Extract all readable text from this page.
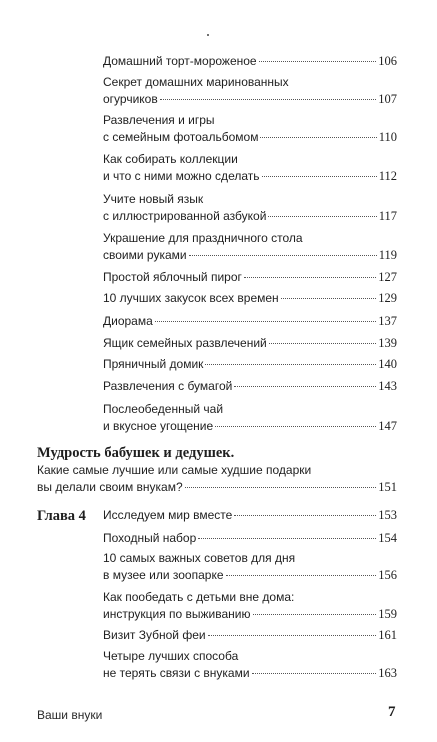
Домашний торт-мороженое	106
Секрет домашних маринованных
огурчиков	107
Развлечения и игры
с семейным фотоальбомом	110
Как собирать коллекции
и что с ними можно сделать	112
Учите новый язык
с иллюстрированной азбукой	117
Украшение для праздничного стола
своими руками	119
Простой яблочный пирог	127
10 лучших закусок всех времен	129
Диорама	137
Ящик семейных развлечений	139
Пряничный домик	140
Развлечения с бумагой	143
Послеобеденный чай
и вкусное угощение	147
Мудрость бабушек и дедушек.
Какие самые лучшие или самые худшие подарки
вы делали своим внукам?	151
Глава 4 Исследуем мир вместе	153
Походный набор	154
10 самых важных советов для дня
в музее или зоопарке	156
Как пообедать с детьми вне дома:
инструкция по выживанию	159
Визит Зубной феи	161
Четыре лучших способа
не терять связи с внуками	163
Ваши внуки	7
